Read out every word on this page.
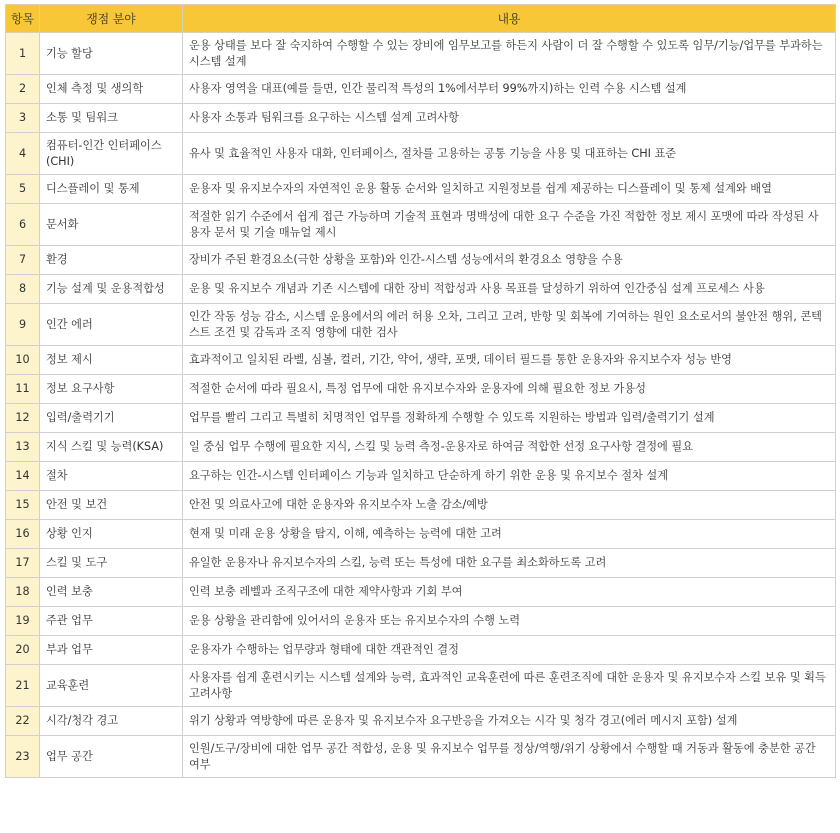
항목	쟁점 분야	내용
1	기능 할당	운용 상태를 보다 잘 숙지하여 수행할 수 있는 장비에 임무보고를 하든지 사람이 더 잘 수행할 수 있도록 임무/기능/업무를 부과하는 시스템 설계
2	인체 측정 및 생의학	사용자 영역을 대표(예를 들면, 인간 물리적 특성의 1%에서부터 99%까지)하는 인력 수용 시스템 설계
3	소통 및 팀워크	사용자 소통과 팀워크를 요구하는 시스템 설계 고려사항
4	컴퓨터-인간 인터페이스(CHI)	유사 및 효율적인 사용자 대화, 인터페이스, 절차를 고용하는 공통 기능을 사용 및 대표하는 CHI 표준
5	디스플레이 및 통제	운용자 및 유지보수자의 자연적인 운용 활동 순서와 일치하고 지원정보를 쉽게 제공하는 디스플레이 및 통제 설계와 배열
6	문서화	적절한 읽기 수준에서 쉽게 접근 가능하며 기술적 표현과 명백성에 대한 요구 수준을 가진 적합한 정보 제시 포맷에 따라 작성된 사용자 문서 및 기술 매뉴얼 제시
7	환경	장비가 주된 환경요소(극한 상황을 포함)와 인간-시스템 성능에서의 환경요소 영향을 수용
8	기능 설계 및 운용적합성	운용 및 유지보수 개념과 기존 시스템에 대한 장비 적합성과 사용 목표를 달성하기 위하여 인간중심 설계 프로세스 사용
9	인간 에러	인간 작동 성능 감소, 시스템 운용에서의 에러 허용 오차, 그리고 고려, 반항 및 회복에 기여하는 원인 요소로서의 불안전 행위, 콘텍스트 조건 및 감독과 조직 영향에 대한 검사
10	정보 제시	효과적이고 일치된 라벨, 심볼, 컬러, 기간, 약어, 생략, 포맷, 데이터 필드를 통한 운용자와 유지보수자 성능 반영
11	정보 요구사항	적절한 순서에 따라 필요시, 특정 업무에 대한 유지보수자와 운용자에 의해 필요한 정보 가용성
12	입력/출력기기	업무를 빨리 그리고 특별히 치명적인 업무를 정확하게 수행할 수 있도록 지원하는 방법과 입력/출력기기 설계
13	지식 스킬 및 능력(KSA)	일 중심 업무 수행에 필요한 지식, 스킬 및 능력 측정-운용자로 하여금 적합한 선정 요구사항 결정에 필요
14	절차	요구하는 인간-시스템 인터페이스 기능과 일치하고 단순하게 하기 위한 운용 및 유지보수 절차 설계
15	안전 및 보건	안전 및 의료사고에 대한 운용자와 유지보수자 노출 감소/예방
16	상황 인지	현재 및 미래 운용 상황을 탐지, 이해, 예측하는 능력에 대한 고려
17	스킬 및 도구	유일한 운용자나 유지보수자의 스킬, 능력 또는 특성에 대한 요구를 최소화하도록 고려
18	인력 보충	인력 보충 레벨과 조직구조에 대한 제약사항과 기회 부여
19	주관 업무	운용 상황을 관리함에 있어서의 운용자 또는 유지보수자의 수행 노력
20	부과 업무	운용자가 수행하는 업무량과 형태에 대한 객관적인 결정
21	교육훈련	사용자를 쉽게 훈련시키는 시스템 설계와 능력, 효과적인 교육훈련에 따른 훈련조직에 대한 운용자 및 유지보수자 스킬 보유 및 획득 고려사항
22	시각/청각 경고	위기 상황과 역방향에 따른 운용자 및 유지보수자 요구반응을 가져오는 시각 및 청각 경고(에러 메시지 포함) 설계
23	업무 공간	인원/도구/장비에 대한 업무 공간 적합성, 운용 및 유지보수 업무를 정상/역행/위기 상황에서 수행할 때 거동과 활동에 충분한 공간 여부
